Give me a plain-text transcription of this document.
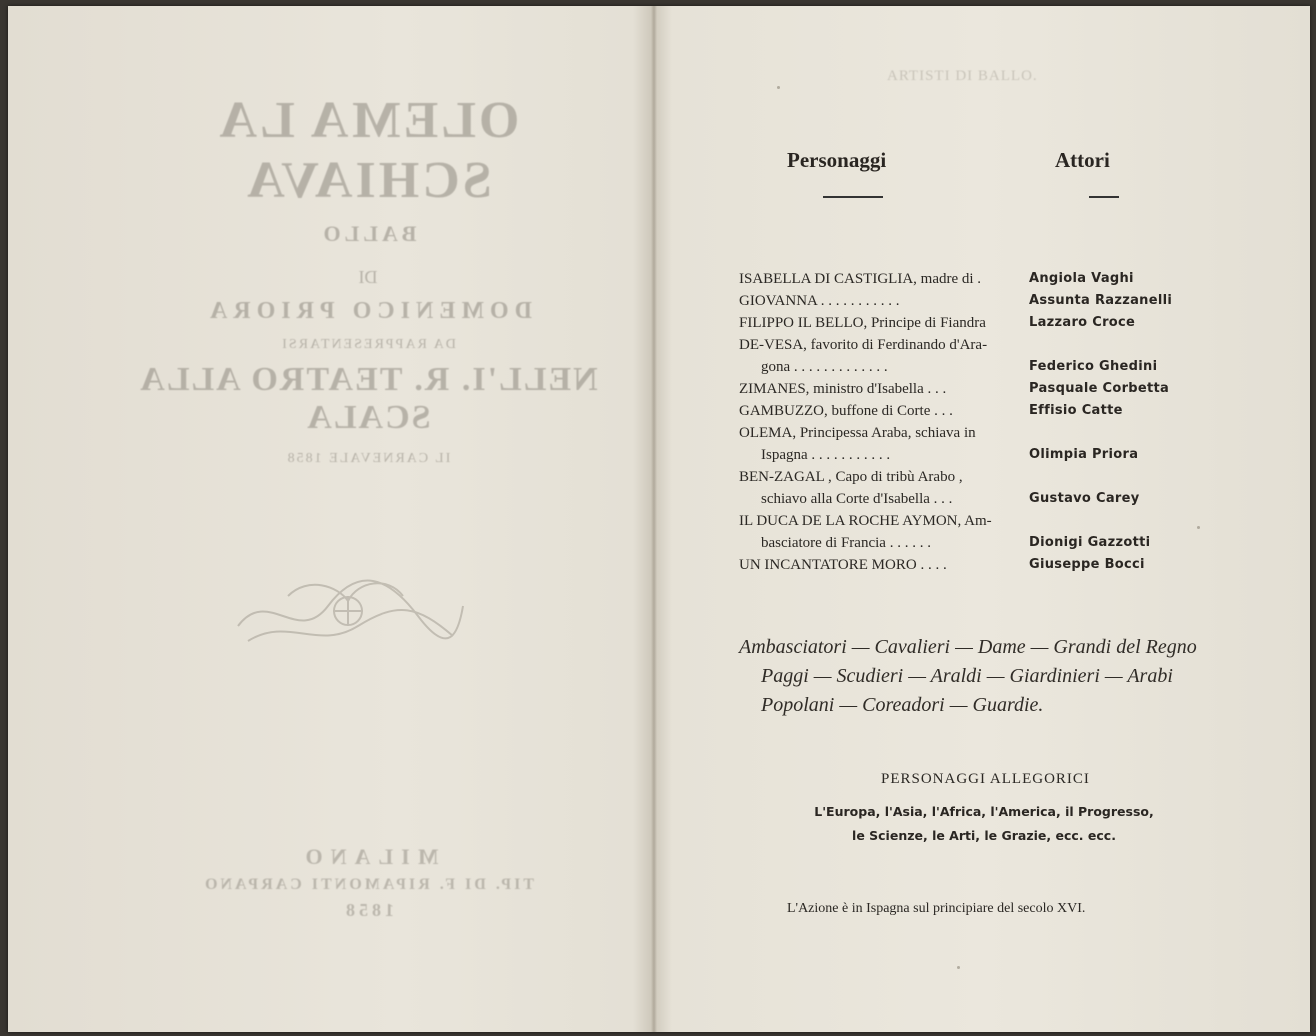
OLEMA LA SCHIAVA
BALLO
DI
DOMENICO PRIORA
DA RAPPRESENTARSI
NELL'I. R. TEATRO ALLA SCALA
IL CARNEVALE 1858
MILANO
TIP. DI F. RIPAMONTI CARPANO
1858
ARTISTI DI BALLO.
Personaggi	Attori
ISABELLA DI CASTIGLIA, madre di .	Angiola Vaghi
GIOVANNA . . . . . . . . . . .	Assunta Razzanelli
FILIPPO IL BELLO, Principe di Fiandra	Lazzaro Croce
DE-VESA, favorito di Ferdinando d'Ara-
gona . . . . . . . . . . . . .	Federico Ghedini
ZIMANES, ministro d'Isabella . . .	Pasquale Corbetta
GAMBUZZO, buffone di Corte . . .	Effisio Catte
OLEMA, Principessa Araba, schiava in
Ispagna . . . . . . . . . . .	Olimpia Priora
BEN-ZAGAL , Capo di tribù Arabo ,
schiavo alla Corte d'Isabella . . .	Gustavo Carey
IL DUCA DE LA ROCHE AYMON, Am-
basciatore di Francia . . . . . .	Dionigi Gazzotti
UN INCANTATORE MORO . . . .	Giuseppe Bocci
Ambasciatori — Cavalieri — Dame — Grandi del Regno
Paggi — Scudieri — Araldi — Giardinieri — Arabi
Popolani — Coreadori — Guardie.
PERSONAGGI ALLEGORICI
L'Europa, l'Asia, l'Africa, l'America, il Progresso,
le Scienze, le Arti, le Grazie, ecc. ecc.
L'Azione è in Ispagna sul principiare del secolo XVI.
